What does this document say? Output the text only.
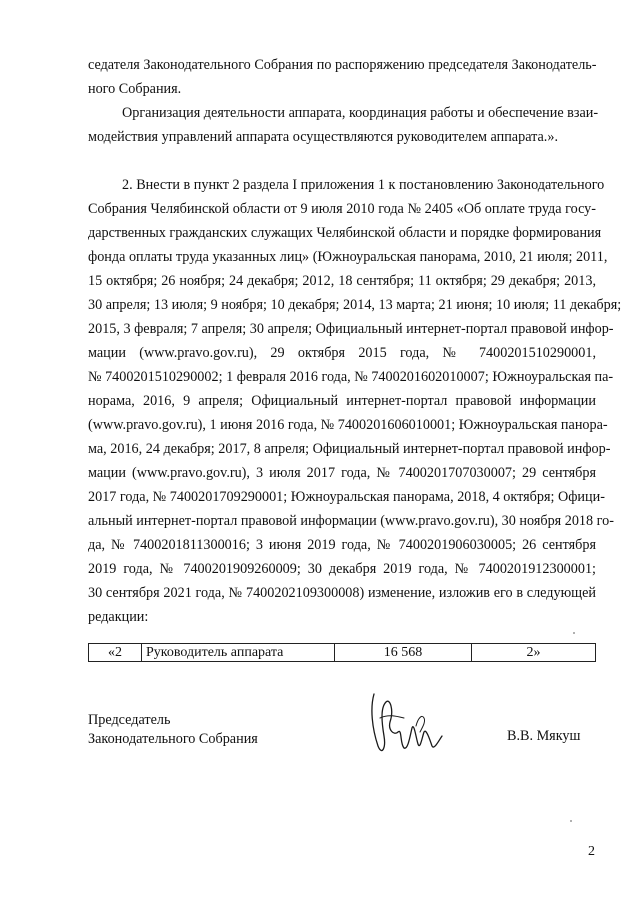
седателя Законодательного Собрания по распоряжению председателя Законодатель-
ного Собрания.
Организация деятельности аппарата, координация работы и обеспечение взаи-
модействия управлений аппарата осуществляются руководителем аппарата.».
2. Внести в пункт 2 раздела I приложения 1 к постановлению Законодательного
Собрания Челябинской области от 9 июля 2010 года № 2405 «Об оплате труда госу-
дарственных гражданских служащих Челябинской области и порядке формирования
фонда оплаты труда указанных лиц» (Южноуральская панорама, 2010, 21 июля; 2011,
15 октября; 26 ноября; 24 декабря; 2012, 18 сентября; 11 октября; 29 декабря; 2013,
30 апреля; 13 июля; 9 ноября; 10 декабря; 2014, 13 марта; 21 июня; 10 июля; 11 декабря;
2015, 3 февраля; 7 апреля; 30 апреля; Официальный интернет-портал правовой инфор-
мации (www.pravo.gov.ru), 29 октября 2015 года, № 7400201510290001,
№ 7400201510290002; 1 февраля 2016 года, № 7400201602010007; Южноуральская па-
норама, 2016, 9 апреля; Официальный интернет-портал правовой информации
(www.pravo.gov.ru), 1 июня 2016 года, № 7400201606010001; Южноуральская панора-
ма, 2016, 24 декабря; 2017, 8 апреля; Официальный интернет-портал правовой инфор-
мации (www.pravo.gov.ru), 3 июля 2017 года, № 7400201707030007; 29 сентября
2017 года, № 7400201709290001; Южноуральская панорама, 2018, 4 октября; Офици-
альный интернет-портал правовой информации (www.pravo.gov.ru), 30 ноября 2018 го-
да, № 7400201811300016; 3 июня 2019 года, № 7400201906030005; 26 сентября
2019 года, № 7400201909260009; 30 декабря 2019 года, № 7400201912300001;
30 сентября 2021 года, № 7400202109300008) изменение, изложив его в следующей
редакции:
«2	Руководитель аппарата	16 568	2»
Председатель
Законодательного Собрания	В.В. Мякуш
2
